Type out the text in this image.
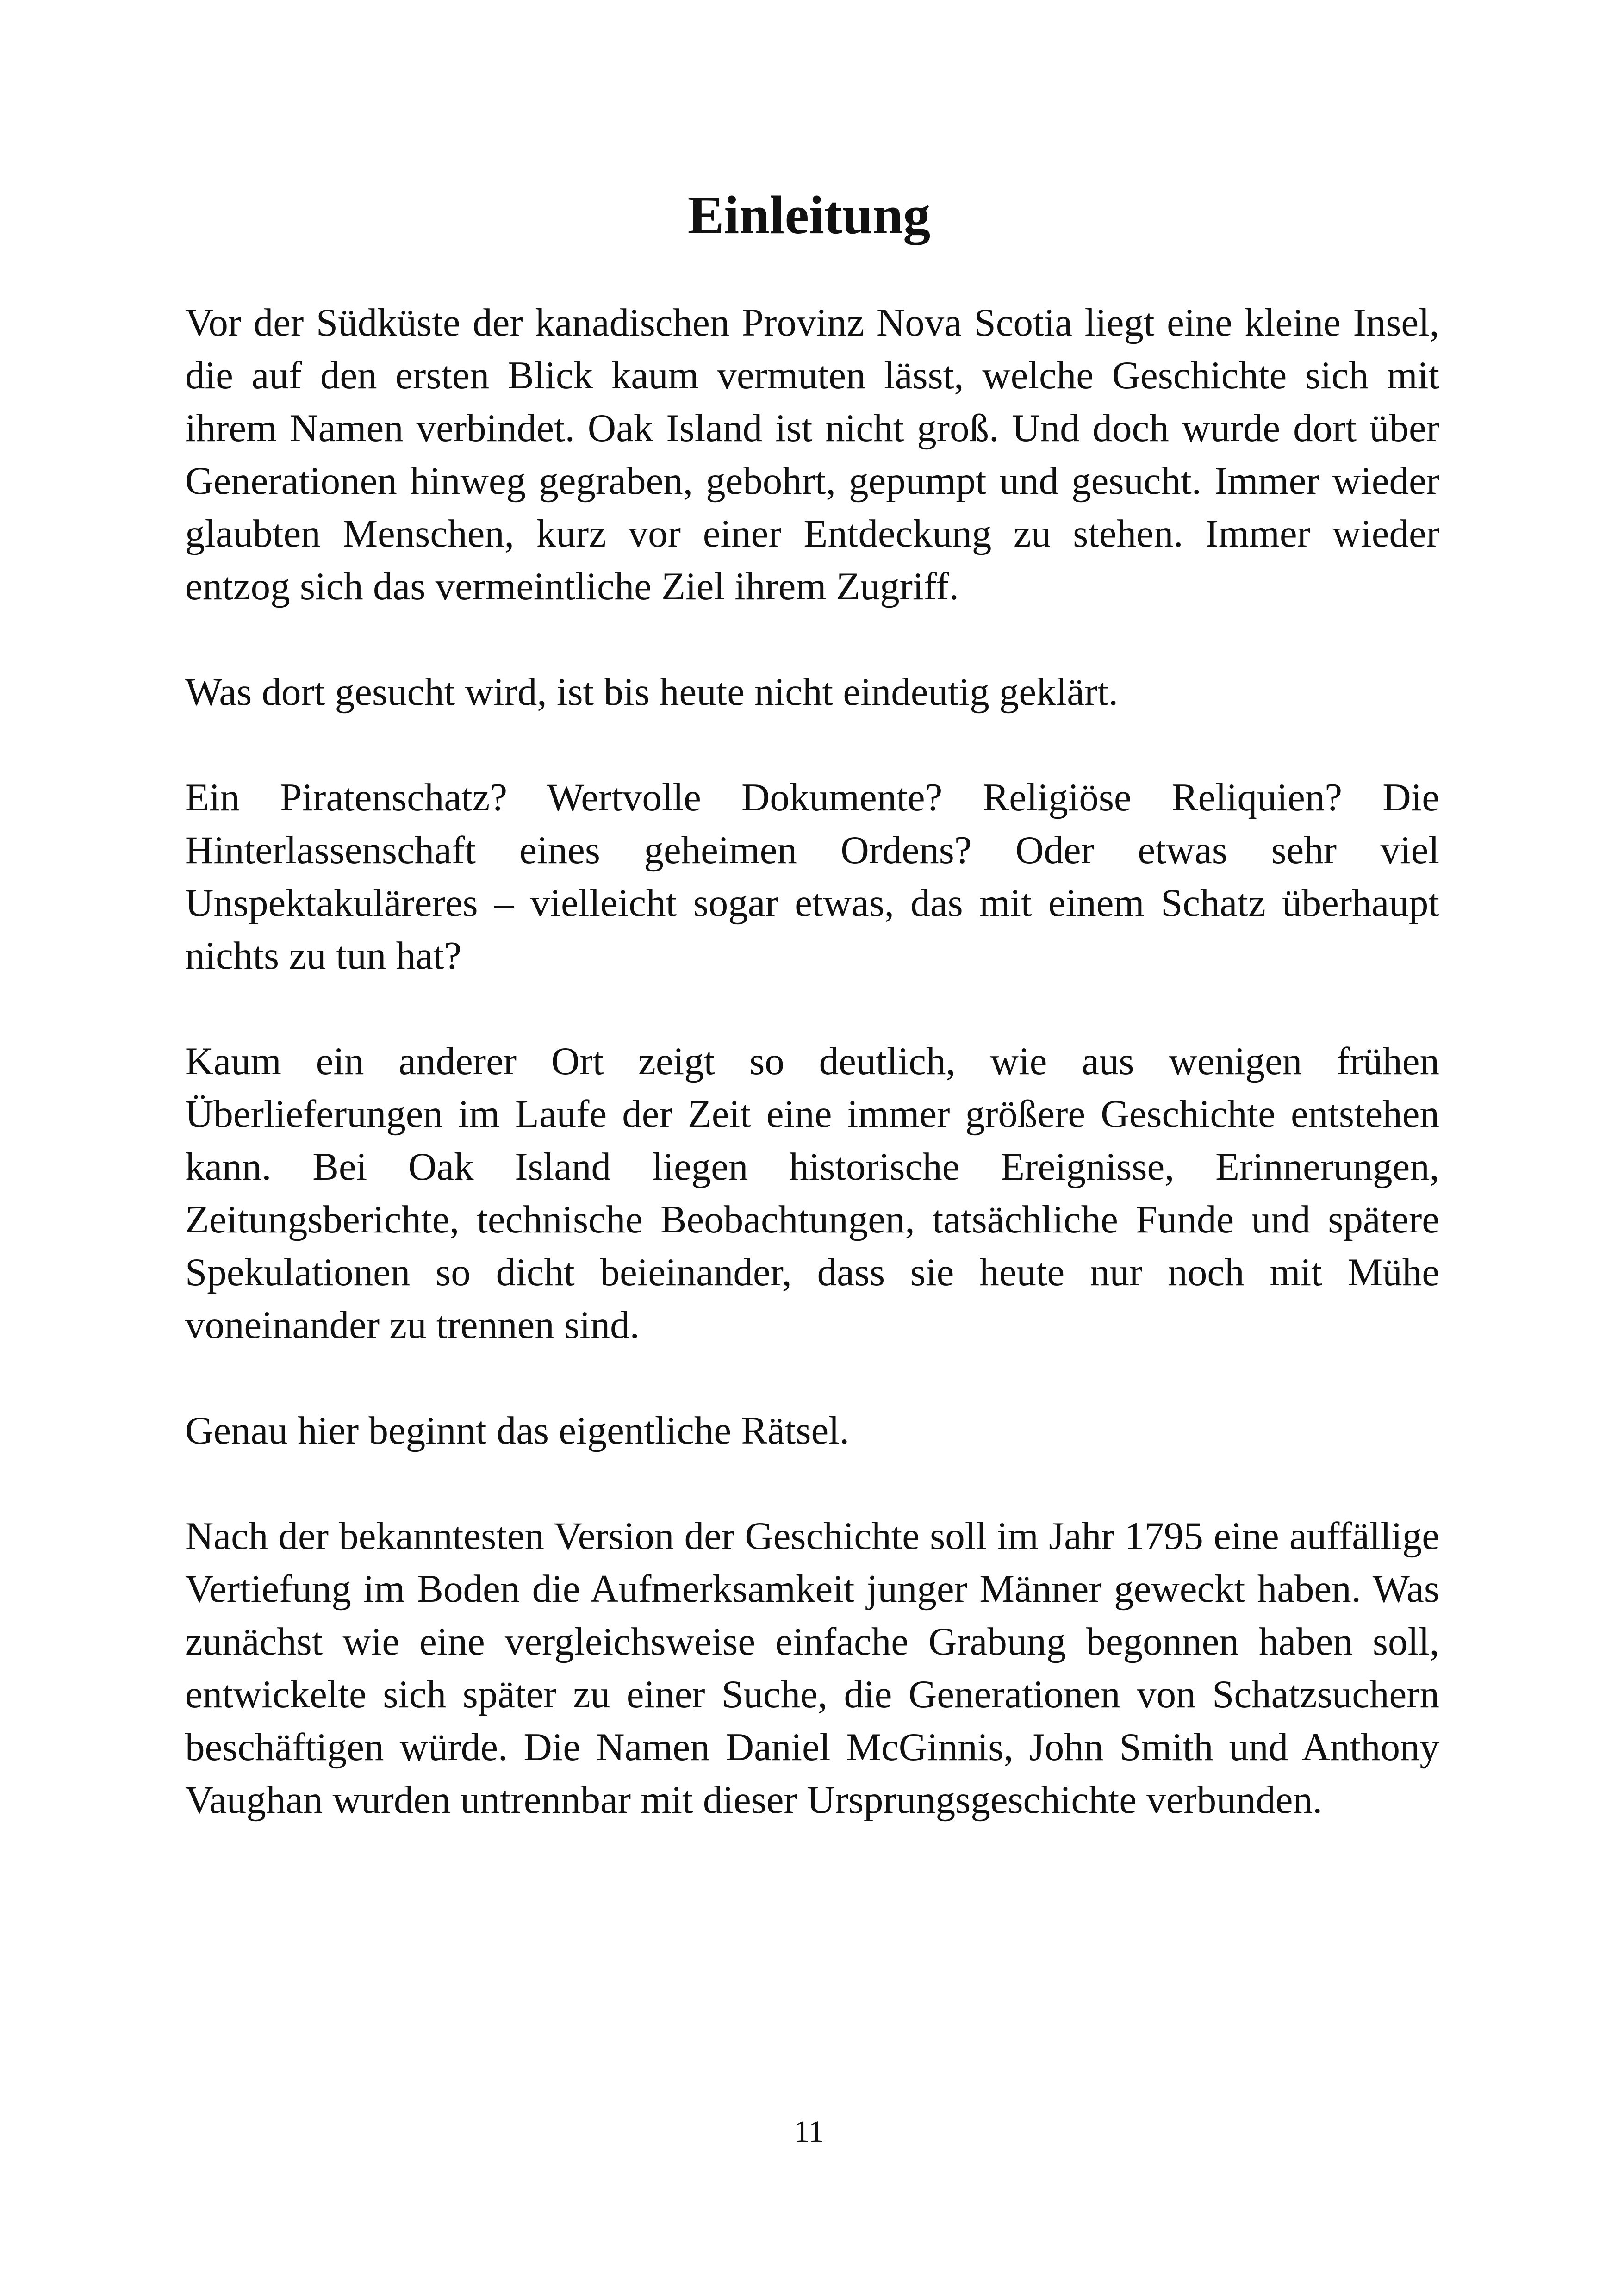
Einleitung

Vor der Südküste der kanadischen Provinz Nova Scotia liegt eine kleine Insel, die auf den ersten Blick kaum vermuten lässt, welche Geschichte sich mit ihrem Namen verbindet. Oak Island ist nicht groß. Und doch wurde dort über Generationen hinweg gegraben, gebohrt, gepumpt und gesucht. Immer wieder glaubten Menschen, kurz vor einer Entdeckung zu stehen. Immer wieder entzog sich das vermeintliche Ziel ihrem Zugriff.

Was dort gesucht wird, ist bis heute nicht eindeutig geklärt.

Ein Piratenschatz? Wertvolle Dokumente? Religiöse Reliquien? Die Hinterlassenschaft eines geheimen Ordens? Oder etwas sehr viel Unspektakuläreres – vielleicht sogar etwas, das mit einem Schatz überhaupt nichts zu tun hat?

Kaum ein anderer Ort zeigt so deutlich, wie aus wenigen frühen Überlieferungen im Laufe der Zeit eine immer größere Geschichte entstehen kann. Bei Oak Island liegen historische Ereignisse, Erinnerungen, Zeitungsberichte, technische Beobachtungen, tatsächliche Funde und spätere Spekulationen so dicht beieinander, dass sie heute nur noch mit Mühe voneinander zu trennen sind.

Genau hier beginnt das eigentliche Rätsel.

Nach der bekanntesten Version der Geschichte soll im Jahr 1795 eine auffällige Vertiefung im Boden die Aufmerksamkeit junger Männer geweckt haben. Was zunächst wie eine vergleichsweise einfache Grabung begonnen haben soll, entwickelte sich später zu einer Suche, die Generationen von Schatzsuchern beschäftigen würde. Die Namen Daniel McGinnis, John Smith und Anthony Vaughan wurden untrennbar mit dieser Ursprungsgeschichte verbunden.

11
